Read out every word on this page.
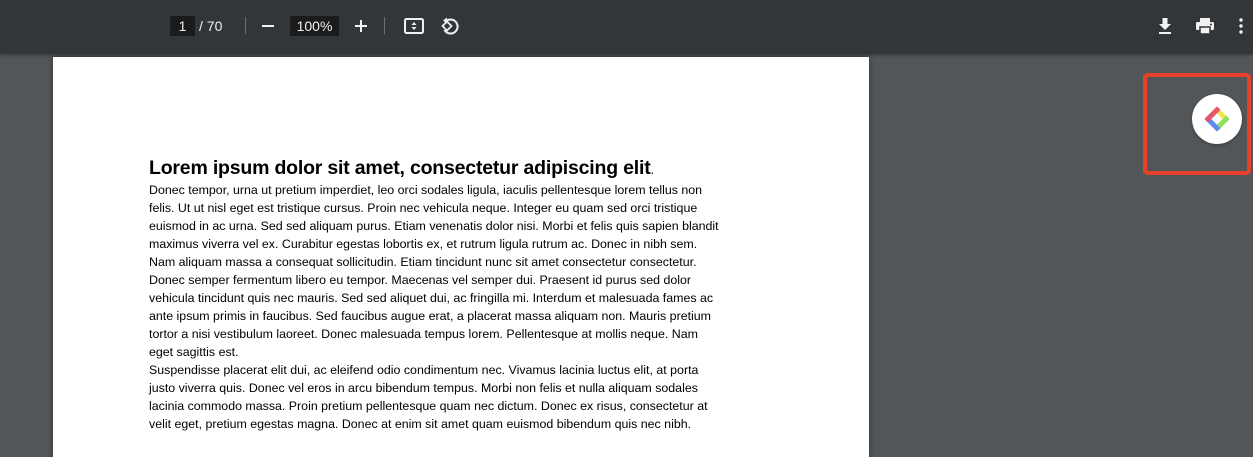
1
/ 70
100%
Lorem ipsum dolor sit amet, consectetur adipiscing elit.
Donec tempor, urna ut pretium imperdiet, leo orci sodales ligula, iaculis pellentesque lorem tellus non
felis. Ut ut nisl eget est tristique cursus. Proin nec vehicula neque. Integer eu quam sed orci tristique
euismod in ac urna. Sed sed aliquam purus. Etiam venenatis dolor nisi. Morbi et felis quis sapien blandit
maximus viverra vel ex. Curabitur egestas lobortis ex, et rutrum ligula rutrum ac. Donec in nibh sem.
Nam aliquam massa a consequat sollicitudin. Etiam tincidunt nunc sit amet consectetur consectetur.
Donec semper fermentum libero eu tempor. Maecenas vel semper dui. Praesent id purus sed dolor
vehicula tincidunt quis nec mauris. Sed sed aliquet dui, ac fringilla mi. Interdum et malesuada fames ac
ante ipsum primis in faucibus. Sed faucibus augue erat, a placerat massa aliquam non. Mauris pretium
tortor a nisi vestibulum laoreet. Donec malesuada tempus lorem. Pellentesque at mollis neque. Nam
eget sagittis est.
Suspendisse placerat elit dui, ac eleifend odio condimentum nec. Vivamus lacinia luctus elit, at porta
justo viverra quis. Donec vel eros in arcu bibendum tempus. Morbi non felis et nulla aliquam sodales
lacinia commodo massa. Proin pretium pellentesque quam nec dictum. Donec ex risus, consectetur at
velit eget, pretium egestas magna. Donec at enim sit amet quam euismod bibendum quis nec nibh.
